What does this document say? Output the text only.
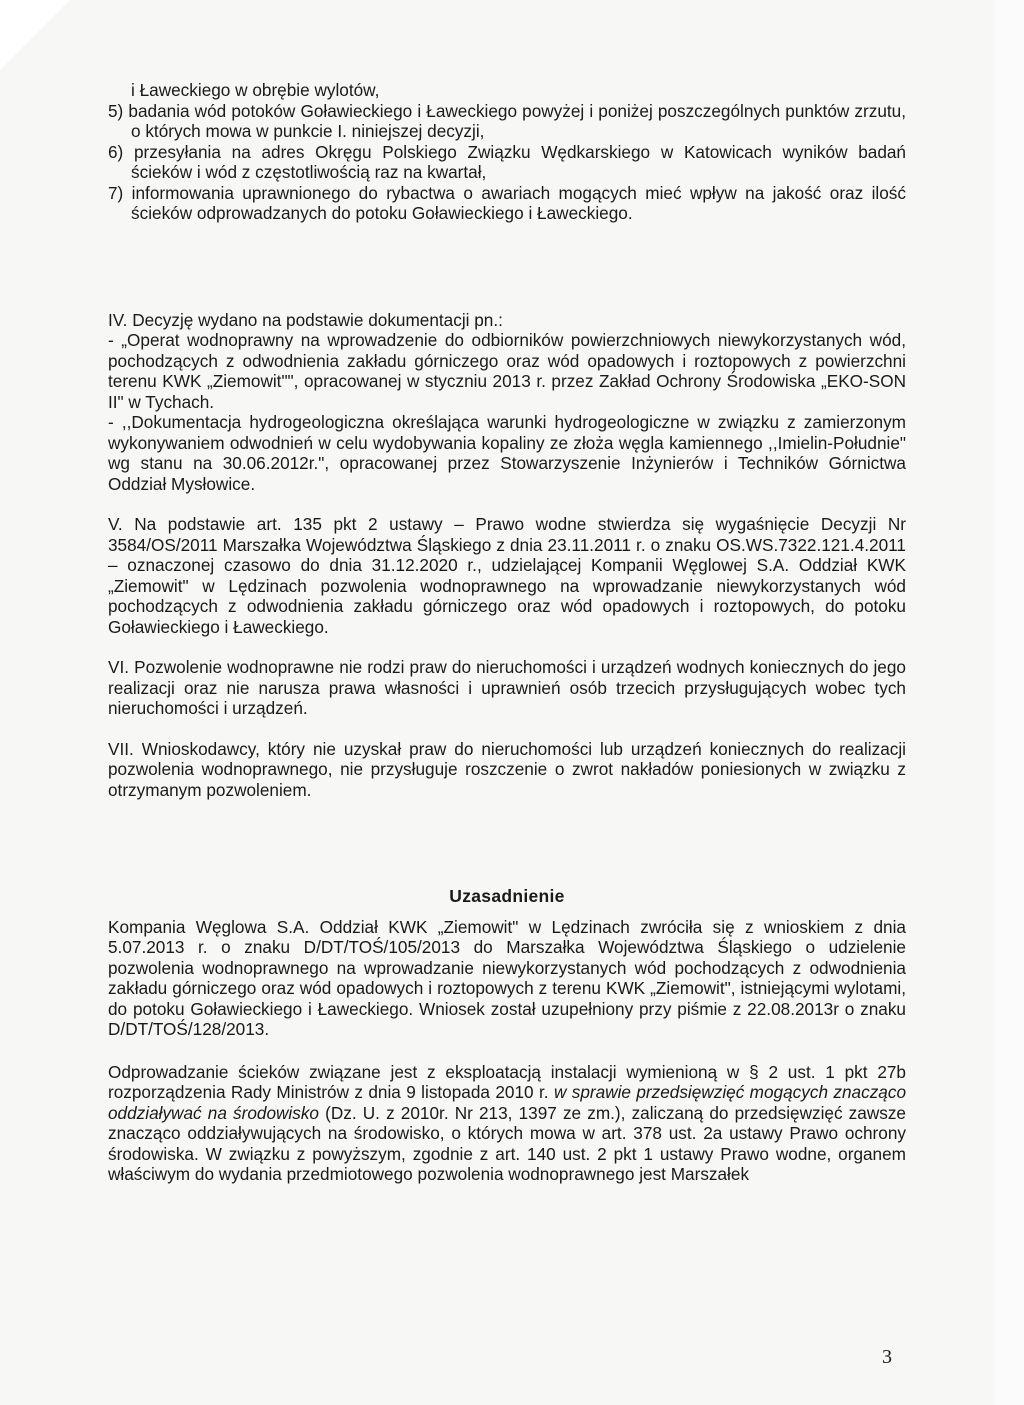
i Ławeckiego w obrębie wylotów,

5) badania wód potoków Goławieckiego i Ławeckiego powyżej i poniżej poszczególnych punktów zrzutu, o których mowa w punkcie I. niniejszej decyzji,

6) przesyłania na adres Okręgu Polskiego Związku Wędkarskiego w Katowicach wyników badań ścieków i wód z częstotliwością raz na kwartał,

7) informowania uprawnionego do rybactwa o awariach mogących mieć wpływ na jakość oraz ilość ścieków odprowadzanych do potoku Goławieckiego i Ławeckiego.

IV. Decyzję wydano na podstawie dokumentacji pn.:

- „Operat wodnoprawny na wprowadzenie do odbiorników powierzchniowych niewykorzystanych wód, pochodzących z odwodnienia zakładu górniczego oraz wód opadowych i roztopowych z powierzchni terenu KWK „Ziemowit"", opracowanej w styczniu 2013 r. przez Zakład Ochrony Środowiska „EKO-SON II" w Tychach.

- ,,Dokumentacja hydrogeologiczna określająca warunki hydrogeologiczne w związku z zamierzonym wykonywaniem odwodnień w celu wydobywania kopaliny ze złoża węgla kamiennego ,,Imielin-Południe" wg stanu na 30.06.2012r.", opracowanej przez Stowarzyszenie Inżynierów i Techników Górnictwa Oddział Mysłowice.

V. Na podstawie art. 135 pkt 2 ustawy – Prawo wodne stwierdza się wygaśnięcie Decyzji Nr 3584/OS/2011 Marszałka Województwa Śląskiego z dnia 23.11.2011 r. o znaku OS.WS.7322.121.4.2011 – oznaczonej czasowo do dnia 31.12.2020 r., udzielającej Kompanii Węglowej S.A. Oddział KWK „Ziemowit" w Lędzinach pozwolenia wodnoprawnego na wprowadzanie niewykorzystanych wód pochodzących z odwodnienia zakładu górniczego oraz wód opadowych i roztopowych, do potoku Goławieckiego i Ławeckiego.

VI. Pozwolenie wodnoprawne nie rodzi praw do nieruchomości i urządzeń wodnych koniecznych do jego realizacji oraz nie narusza prawa własności i uprawnień osób trzecich przysługujących wobec tych nieruchomości i urządzeń.

VII. Wnioskodawcy, który nie uzyskał praw do nieruchomości lub urządzeń koniecznych do realizacji pozwolenia wodnoprawnego, nie przysługuje roszczenie o zwrot nakładów poniesionych w związku z otrzymanym pozwoleniem.

Uzasadnienie

Kompania Węglowa S.A. Oddział KWK „Ziemowit" w Lędzinach zwróciła się z wnioskiem z dnia 5.07.2013 r. o znaku D/DT/TOŚ/105/2013 do Marszałka Województwa Śląskiego o udzielenie pozwolenia wodnoprawnego na wprowadzanie niewykorzystanych wód pochodzących z odwodnienia zakładu górniczego oraz wód opadowych i roztopowych z terenu KWK „Ziemowit", istniejącymi wylotami, do potoku Goławieckiego i Ławeckiego. Wniosek został uzupełniony przy piśmie z 22.08.2013r o znaku D/DT/TOŚ/128/2013.

Odprowadzanie ścieków związane jest z eksploatacją instalacji wymienioną w § 2 ust. 1 pkt 27b rozporządzenia Rady Ministrów z dnia 9 listopada 2010 r. w sprawie przedsięwzięć mogących znacząco oddziaływać na środowisko (Dz. U. z 2010r. Nr 213, 1397 ze zm.), zaliczaną do przedsięwzięć zawsze znacząco oddziaływujących na środowisko, o których mowa w art. 378 ust. 2a ustawy Prawo ochrony środowiska. W związku z powyższym, zgodnie z art. 140 ust. 2 pkt 1 ustawy Prawo wodne, organem właściwym do wydania przedmiotowego pozwolenia wodnoprawnego jest Marszałek

3
